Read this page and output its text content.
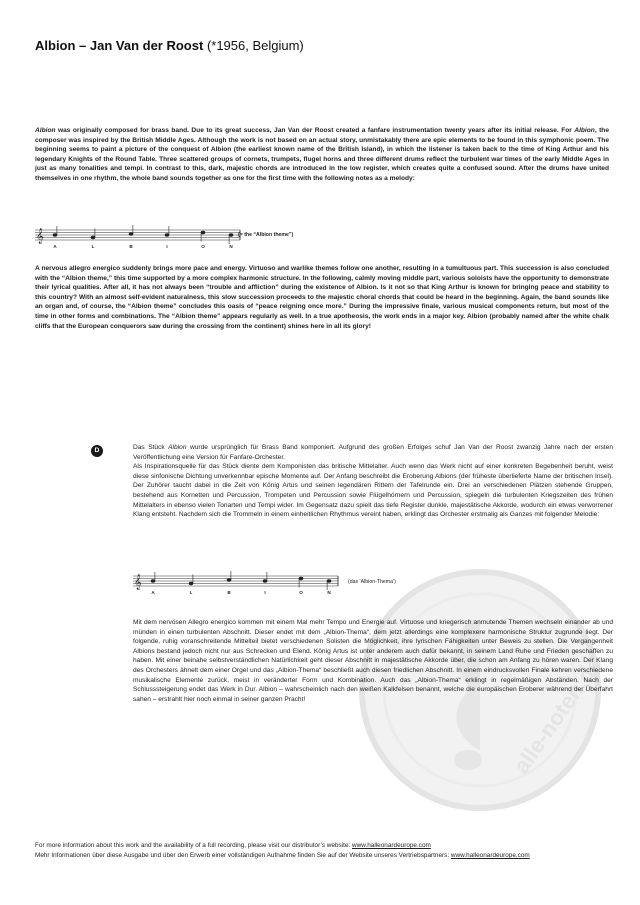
Albion – Jan Van der Roost (*1956, Belgium)
Albion was originally composed for brass band. Due to its great success, Jan Van der Roost created a fanfare instrumentation twenty years after its initial release. For Albion, the composer was inspired by the British Middle Ages. Although the work is not based on an actual story, unmistakably there are epic elements to be found in this symphonic poem. The beginning seems to paint a picture of the conquest of Albion (the earliest known name of the British Island), in which the listener is taken back to the time of King Arthur and his legendary Knights of the Round Table. Three scattered groups of cornets, trumpets, flugel horns and three different drums reflect the turbulent war times of the early Middle Ages in just as many tonalities and tempi. In contrast to this, dark, majestic chords are introduced in the low register, which creates quite a confused sound. After the drums have united themselves in one rhythm, the whole band sounds together as one for the first time with the following notes as a melody:
𝄞
A	L	B	I	O	N
(= the “Albion theme”)
A nervous allegro energico suddenly brings more pace and energy. Virtuoso and warlike themes follow one another, resulting in a tumultuous part. This succession is also concluded with the “Albion theme,” this time supported by a more complex harmonic structure. In the following, calmly moving middle part, various soloists have the opportunity to demonstrate their lyrical qualities. After all, it has not always been “trouble and affliction” during the existence of Albion. Is it not so that King Arthur is known for bringing peace and stability to this country? With an almost self-evident naturalness, this slow succession proceeds to the majestic choral chords that could be heard in the beginning. Again, the band sounds like an organ and, of course, the “Albion theme” concludes this oasis of “peace reigning once more.” During the impressive finale, various musical components return, but most of the time in other forms and combinations. The “Albion theme” appears regularly as well. In a true apotheosis, the work ends in a major key. Albion (probably named after the white chalk cliffs that the European conquerors saw during the crossing from the continent) shines here in all its glory!
alle-noten.de
D	Das Stück Albion wurde ursprünglich für Brass Band komponiert. Aufgrund des großen Erfolges schuf Jan Van der Roost zwanzig Jahre nach der ersten Veröffentlichung eine Version für Fanfare-Orchester.
Als Inspirationsquelle für das Stück diente dem Komponisten das britische Mittelalter. Auch wenn das Werk nicht auf einer konkreten Begebenheit beruht, weist diese sinfonische Dichtung unverkennbar epische Momente auf. Der Anfang beschreibt die Eroberung Albions (der früheste überlieferte Name der britischen Insel). Der Zuhörer taucht dabei in die Zeit von König Artus und seinen legendären Rittern der Tafelrunde ein. Drei an verschiedenen Plätzen stehende Gruppen, bestehend aus Kornetten und Percussion, Trompeten und Percussion sowie Flügelhörnern und Percussion, spiegeln die turbulenten Kriegszeiten des frühen Mittelalters in ebenso vielen Tonarten und Tempi wider. Im Gegensatz dazu spielt das tiefe Register dunkle, majestätische Akkorde, wodurch ein etwas verworrener Klang entsteht. Nachdem sich die Trommeln in einem einheitlichen Rhythmus vereint haben, erklingt das Orchester erstmalig als Ganzes mit folgender Melodie:
𝄞
A	L	B	I	O	N
(das ‘Albion-Thema’)
Mit dem nervösen Allegro energico kommen mit einem Mal mehr Tempo und Energie auf. Virtuose und kriegerisch anmutende Themen wechseln einander ab und münden in einen turbulenten Abschnitt. Dieser endet mit dem „Albion-Thema“, dem jetzt allerdings eine komplexere harmonische Struktur zugrunde liegt. Der folgende, ruhig voranschreitende Mittelteil bietet verschiedenen Solisten die Möglichkeit, ihre lyrischen Fähigkeiten unter Beweis zu stellen. Die Vergangenheit Albions bestand jedoch nicht nur aus Schrecken und Elend. König Artus ist unter anderem auch dafür bekannt, in seinem Land Ruhe und Frieden geschaffen zu haben. Mit einer beinahe selbstverständlichen Natürlichkeit geht dieser Abschnitt in majestätische Akkorde über, die schon am Anfang zu hören waren. Der Klang des Orchesters ähnelt dem einer Orgel und das „Albion-Thema“ beschließt auch diesen friedlichen Abschnitt. In einem eindrucksvollen Finale kehren verschiedene musikalische Elemente zurück, meist in veränderter Form und Kombination. Auch das „Albion-Thema“ erklingt in regelmäßigen Abständen. Nach der Schlusssteigerung endet das Werk in Dur. Albion – wahrscheinlich nach den weißen Kalkfelsen benannt, welche die europäischen Eroberer während der Überfahrt sahen – erstrahlt hier noch einmal in seiner ganzen Pracht!
For more information about this work and the availability of a full recording, please visit our distributor’s website: www.halleonardeurope.com
Mehr Informationen über diese Ausgabe und über den Erwerb einer vollständigen Aufnahme finden Sie auf der Website unseres Vertriebspartners: www.halleonardeurope.com
